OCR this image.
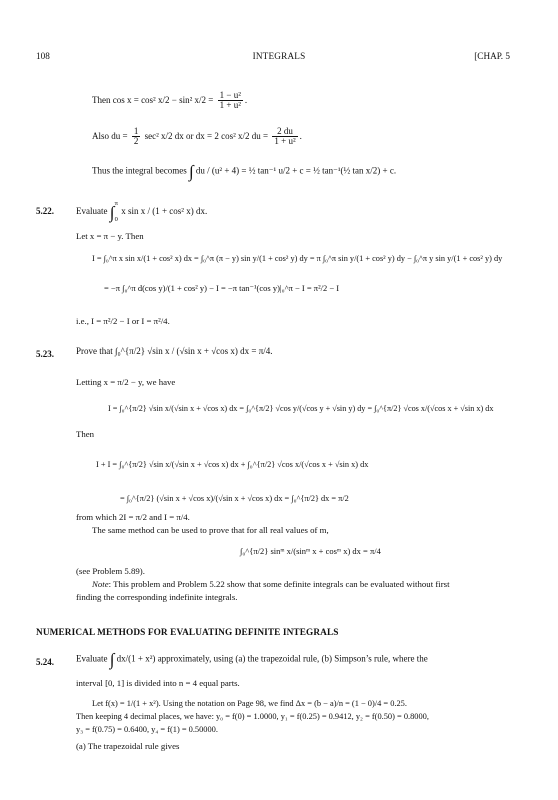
108	INTEGRALS	[CHAP. 5
Then cos x = cos² x/2 − sin² $x/2 = \frac{\text{1 − u²}}{\text{1 + u²}}$ .
Also du = $\frac{1}{2} \sec^2$ x/2 dx or dx = 2 cos² x/2 du = $\frac{2 du}{\text{1 + u²}}$ .
Thus the integral becomes ∫ du / (u² + 4) = ½ tan⁻¹ u/2 + c = ½ tan⁻¹(½ tan x/2) + c.
5.22. Evaluate ∫ π
0
x sin x / (1 + cos² x) dx.
Let x = π − y. Then
I = ∫₀^π x sin x/(1 + cos² x) dx = ∫₀^π (π − y) sin y/(1 + cos² y) dy = π ∫₀^π sin y/(1 + cos² y) dy − ∫₀^π y sin y/(1 + cos² y) dy
= −π ∫₀^π d(cos y)/(1 + cos² y) − I = −π tan⁻¹(cos y)|₀^π − I = π²/2 − I
i.e., I = π²/2 − I or I = π²/4.
5.23. Prove that ∫₀^{π/2} √sin x / (√sin x + √cos x) dx = π/4.
Letting x = π/2 − y, we have
I = ∫₀^{π/2} √sin x/(√sin x + √cos x) dx = ∫₀^{π/2} √cos y/(√cos y + √sin y) dy = ∫₀^{π/2} √cos x/(√cos x + √sin x) dx
Then
I + I = ∫₀^{π/2} √sin x/(√sin x + √cos x) dx + ∫₀^{π/2} √cos x/(√cos x + √sin x) dx
= ∫₀^{π/2} (√sin x + √cos x)/(√sin x + √cos x) dx = ∫₀^{π/2} dx = π/2
from which 2I = π/2 and I = π/4.
The same method can be used to prove that for all real values of m,
∫₀^{π/2} sinᵐ x/(sinᵐ x + cosᵐ x) dx = π/4
(see Problem 5.89).
Note: This problem and Problem 5.22 show that some definite integrals can be evaluated without first
finding the corresponding indefinite integrals.
NUMERICAL METHODS FOR EVALUATING DEFINITE INTEGRALS
5.24. Evaluate ∫ dx/(1 + x²) approximately, using (a) the trapezoidal rule, (b) Simpson’s rule, where the
interval [0, 1] is divided into n = 4 equal parts.
Let f(x) = 1/(1 + x²). Using the notation on Page 98, we find Δx = (b − a)/n = (1 − 0)/4 = 0.25.
Then keeping 4 decimal places, we have: y₀ = f(0) = 1.0000, y₁ = f(0.25) = 0.9412, y₂ = f(0.50) = 0.8000,
y₃ = f(0.75) = 0.6400, y₄ = f(1) = 0.50000.
(a) The trapezoidal rule gives
